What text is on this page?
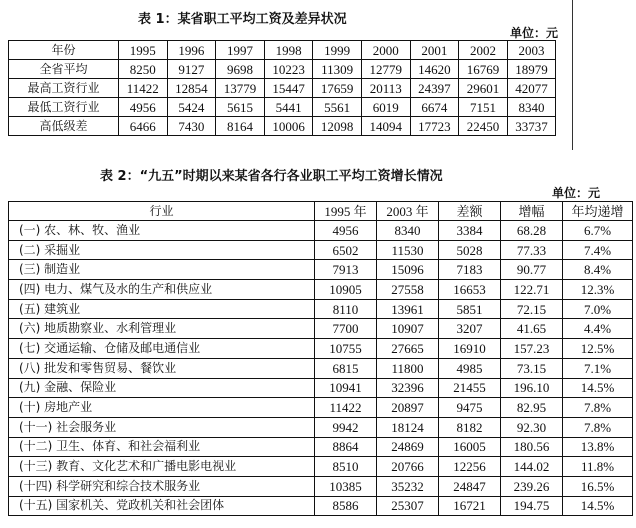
表 1：某省职工平均工资及差异状况
单位：元
年份	1995	1996	1997	1998	1999	2000	2001	2002	2003
全省平均	8250	9127	9698	10223	11309	12779	14620	16769	18979
最高工资行业	11422	12854	13779	15447	17659	20113	24397	29601	42077
最低工资行业	4956	5424	5615	5441	5561	6019	6674	7151	8340
高低级差	6466	7430	8164	10006	12098	14094	17723	22450	33737
表 2：“九五”时期以来某省各行各业职工平均工资增长情况
单位：元
行业	1995 年	2003 年	差额	增幅	年均递增
(一) 农、林、牧、渔业	4956	8340	3384	68.28	6.7%
(二) 采掘业	6502	11530	5028	77.33	7.4%
(三) 制造业	7913	15096	7183	90.77	8.4%
(四) 电力、煤气及水的生产和供应业	10905	27558	16653	122.71	12.3%
(五) 建筑业	8110	13961	5851	72.15	7.0%
(六) 地质勘察业、水利管理业	7700	10907	3207	41.65	4.4%
(七) 交通运输、仓储及邮电通信业	10755	27665	16910	157.23	12.5%
(八) 批发和零售贸易、餐饮业	6815	11800	4985	73.15	7.1%
(九) 金融、保险业	10941	32396	21455	196.10	14.5%
(十) 房地产业	11422	20897	9475	82.95	7.8%
(十一) 社会服务业	9942	18124	8182	92.30	7.8%
(十二) 卫生、体育、和社会福利业	8864	24869	16005	180.56	13.8%
(十三) 教育、文化艺术和广播电影电视业	8510	20766	12256	144.02	11.8%
(十四) 科学研究和综合技术服务业	10385	35232	24847	239.26	16.5%
(十五) 国家机关、党政机关和社会团体	8586	25307	16721	194.75	14.5%
